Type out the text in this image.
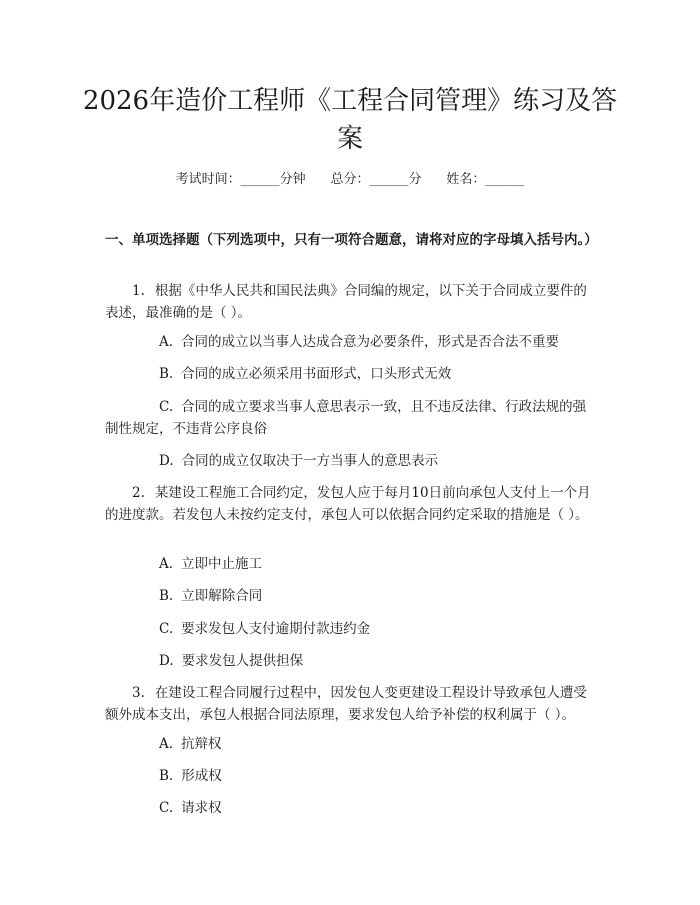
2026年造价工程师《工程合同管理》练习及答案
考试时间：______分钟 总分：______分 姓名：______

一、单项选择题（下列选项中，只有一项符合题意，请将对应的字母填入括号内。）

1. 根据《中华人民共和国民法典》合同编的规定，以下关于合同成立要件的表述，最准确的是（ ）。

A. 合同的成立以当事人达成合意为必要条件，形式是否合法不重要

B. 合同的成立必须采用书面形式，口头形式无效

C. 合同的成立要求当事人意思表示一致，且不违反法律、行政法规的强制性规定，不违背公序良俗

D. 合同的成立仅取决于一方当事人的意思表示

2. 某建设工程施工合同约定，发包人应于每月10日前向承包人支付上一个月的进度款。若发包人未按约定支付，承包人可以依据合同约定采取的措施是（ ）。

A. 立即中止施工

B. 立即解除合同

C. 要求发包人支付逾期付款违约金

D. 要求发包人提供担保

3. 在建设工程合同履行过程中，因发包人变更建设工程设计导致承包人遭受额外成本支出，承包人根据合同法原理，要求发包人给予补偿的权利属于（ ）。

A. 抗辩权

B. 形成权

C. 请求权
